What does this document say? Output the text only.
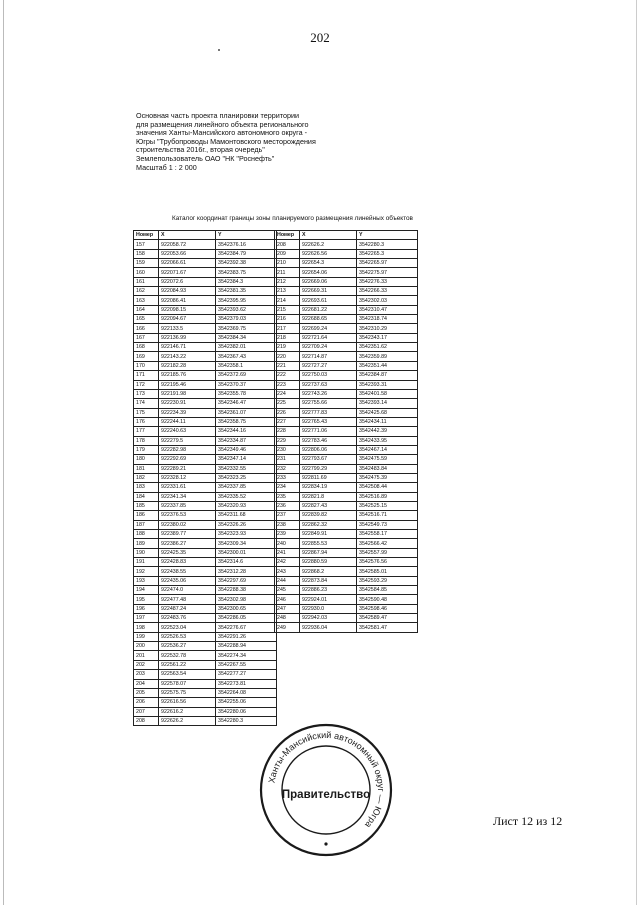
202
Основная часть проекта планировки территории
для размещения линейного объекта регионального
значения Ханты-Мансийского автономного округа -
Югры "Трубопроводы Мамонтовского месторождения
строительства 2016г., вторая очередь"
Землепользователь ОАО "НК "Роснефть"
Масштаб 1 : 2 000
Каталог координат границы зоны планируемого размещения линейных объектов
Номер	X	Y
157	922058.72	3542376.16
158	922053.66	3542384.79
159	922066.61	3542392.38
160	922071.67	3542383.75
161	922072.6	3542384.3
162	922084.93	3542381.35
163	922086.41	3542395.95
164	922098.15	3542393.62
165	922094.67	3542379.03
166	922133.5	3542369.75
167	922136.99	3542384.34
168	922146.71	3542382.01
169	922143.22	3542367.43
170	922182.28	3542358.1
171	922185.76	3542372.69
172	922195.46	3542370.37
173	922191.98	3542355.78
174	922230.91	3542346.47
175	922234.39	3542361.07
176	922244.11	3542358.75
177	922240.63	3542344.16
178	922279.5	3542334.87
179	922282.98	3542349.46
180	922292.69	3542347.14
181	922289.21	3542332.55
182	922328.12	3542323.25
183	922331.61	3542337.85
184	922341.34	3542335.52
185	922337.85	3542320.93
186	922376.53	3542311.68
187	922380.02	3542326.26
188	922389.77	3542323.93
189	922386.27	3542309.34
190	922425.35	3542300.01
191	922428.83	3542314.6
192	922438.55	3542312.28
193	922435.06	3542297.69
194	922474.0	3542288.38
195	922477.48	3542302.98
196	922487.24	3542300.65
197	922483.76	3542286.05
198	922523.04	3542276.67
199	922526.53	3542291.26
200	922536.27	3542288.94
201	922532.78	3542274.34
202	922561.22	3542267.55
203	922563.54	3542277.27
204	922578.07	3542273.81
205	922575.75	3542264.08
206	922616.56	3542255.06
207	922616.2	3542280.06
208	922626.2	3542280.3
Номер	X	Y
208	922626.2	3542280.3
209	922626.56	3542265.3
210	922654.3	3542265.97
211	922654.06	3542275.97
212	922669.06	3542276.33
213	922669.31	3542266.33
214	922693.61	3542302.03
215	922681.22	3542310.47
216	922688.65	3542318.74
217	922699.24	3542310.29
218	922721.64	3542343.17
219	922709.24	3542351.62
220	922714.87	3542359.89
221	922727.27	3542351.44
222	922750.03	3542384.87
223	922737.63	3542393.31
224	922743.26	3542401.58
225	922755.66	3542393.14
226	922777.83	3542425.68
227	922765.43	3542434.11
228	922771.06	3542442.39
229	922783.46	3542433.95
230	922806.06	3542467.14
231	922793.67	3542475.59
232	922799.29	3542483.84
233	922811.69	3542475.39
234	922834.19	3542508.44
235	922821.8	3542516.89
236	922827.43	3542525.15
237	922839.82	3542516.71
238	922862.32	3542549.73
239	922849.91	3542558.17
240	922855.53	3542566.42
241	922867.94	3542557.99
242	922880.59	3542576.56
243	922868.2	3542585.01
244	922873.84	3542593.29
245	922886.23	3542584.85
246	922924.01	3542590.48
247	922930.0	3542598.46
248	922942.03	3542589.47
249	922936.04	3542581.47
Ханты-Мансийский автономный округ — Югра
Правительство
Лист 12 из 12
